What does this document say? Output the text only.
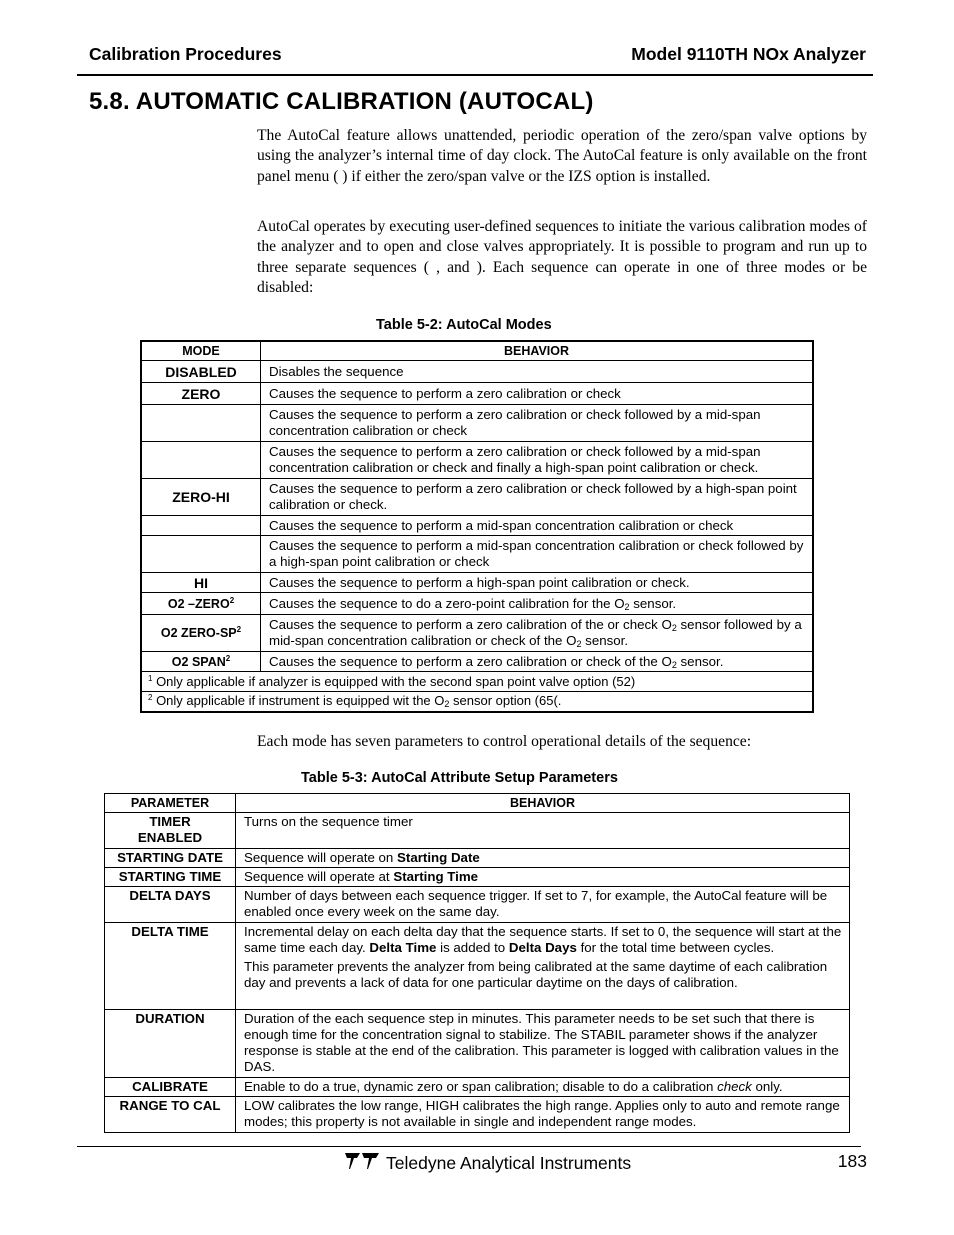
Calibration Procedures	Model 9110TH NOx Analyzer
5.8. AUTOMATIC CALIBRATION (AUTOCAL)

The AutoCal feature allows unattended, periodic operation of the zero/span valve options by using the analyzer’s internal time of day clock. The AutoCal feature is only available on the front panel menu ( ) if either the zero/span valve or the IZS option is installed.

AutoCal operates by executing user-defined sequences to initiate the various calibration modes of the analyzer and to open and close valves appropriately. It is possible to program and run up to three separate sequences ( , and ). Each sequence can operate in one of three modes or be disabled:

Table 5-2: AutoCal Modes
MODE	BEHAVIOR
DISABLED	Disables the sequence
ZERO	Causes the sequence to perform a zero calibration or check
	Causes the sequence to perform a zero calibration or check followed by a mid-span concentration calibration or check
	Causes the sequence to perform a zero calibration or check followed by a mid-span concentration calibration or check and finally a high-span point calibration or check.
ZERO-HI	Causes the sequence to perform a zero calibration or check followed by a high-span point calibration or check.
	Causes the sequence to perform a mid-span concentration calibration or check
	Causes the sequence to perform a mid-span concentration calibration or check followed by a high-span point calibration or check
HI	Causes the sequence to perform a high-span point calibration or check.
O2 –ZERO$^2$	Causes the sequence to do a zero-point calibration for the $O_2$ sensor.
O2 ZERO-$SP^2$	Causes the sequence to perform a zero calibration of the or check $O_2$ sensor followed by a mid-span concentration calibration or check of the $O_2$ sensor.
O2 SPAN$^2$	Causes the sequence to perform a zero calibration or check of the $O_2$ sensor.
$^1$ Only applicable if analyzer is equipped with the second span point valve option (52)	
$^2$ Only applicable if instrument is equipped wit the $O_2$ sensor option (65(.	

Each mode has seven parameters to control operational details of the sequence:

Table 5-3: AutoCal Attribute Setup Parameters
PARAMETER	BEHAVIOR
TIMER
ENABLED	Turns on the sequence timer
STARTING DATE	Sequence will operate on Starting Date
STARTING TIME	Sequence will operate at Starting Time
DELTA DAYS	Number of days between each sequence trigger. If set to 7, for example, the AutoCal feature will be enabled once every week on the same day.
DELTA TIME	Incremental delay on each delta day that the sequence starts. If set to 0, the sequence will start at the same time each day. Delta Time is added to Delta Days for the total time between cycles.
This parameter prevents the analyzer from being calibrated at the same daytime of each calibration day and prevents a lack of data for one particular daytime on the days of calibration.

DURATION	Duration of the each sequence step in minutes. This parameter needs to be set such that there is enough time for the concentration signal to stabilize. The STABIL parameter shows if the analyzer response is stable at the end of the calibration. This parameter is logged with calibration values in the DAS.
CALIBRATE	Enable to do a true, dynamic zero or span calibration; disable to do a calibration check only.
RANGE TO CAL	LOW calibrates the low range, HIGH calibrates the high range. Applies only to auto and remote range modes; this property is not available in single and independent range modes.
Teledyne Analytical Instruments	183
